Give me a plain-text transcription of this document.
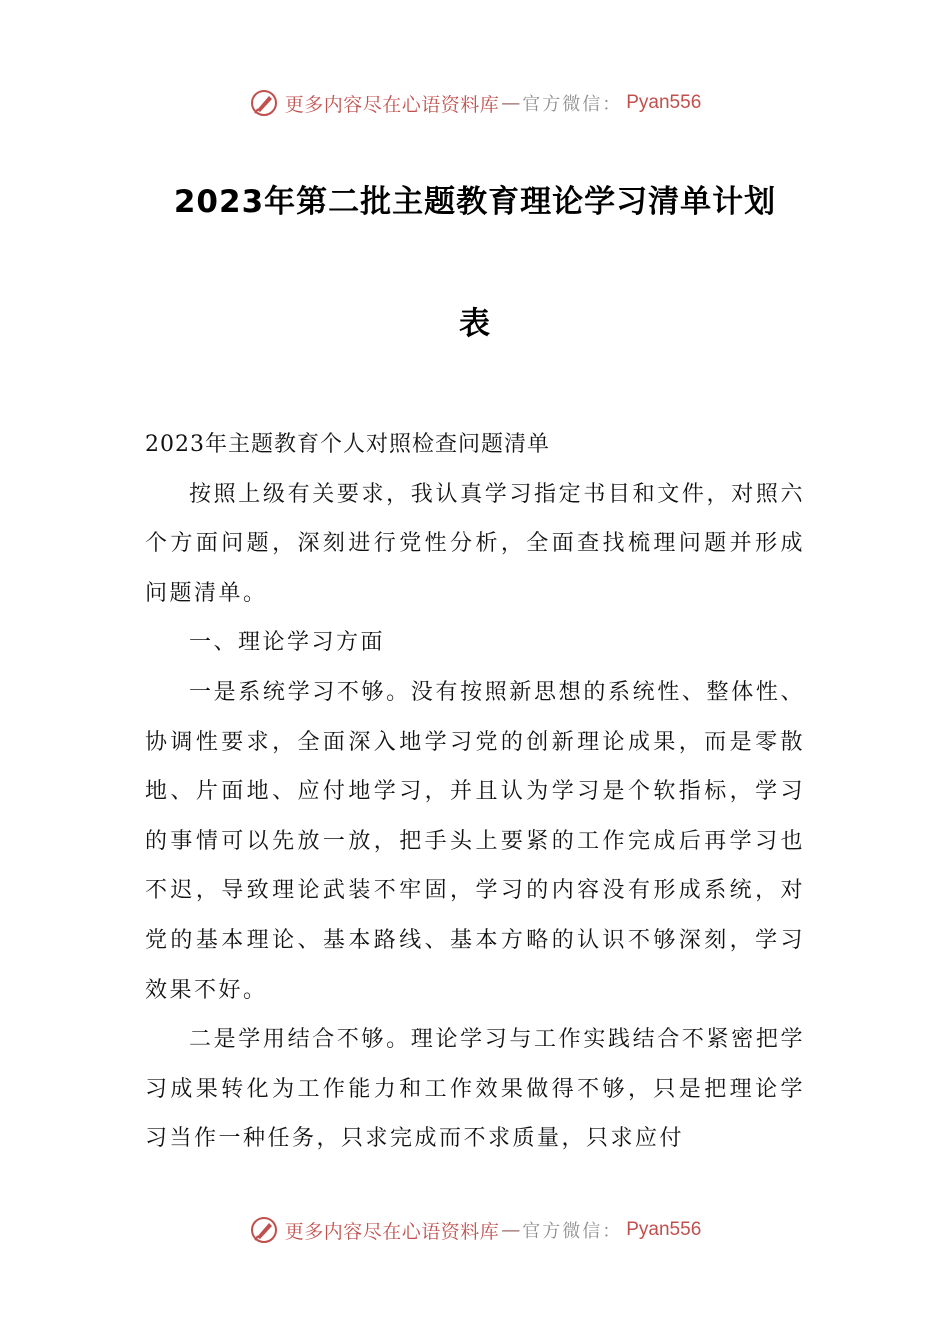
更多内容尽在心语资料库 — 官方微信： Pyan556
2023年第二批主题教育理论学习清单计划
表

2023年主题教育个人对照检查问题清单

按照上级有关要求，我认真学习指定书目和文件，对照六个方面问题，深刻进行党性分析，全面查找梳理问题并形成问题清单。

一、理论学习方面

一是系统学习不够。没有按照新思想的系统性、整体性、协调性要求，全面深入地学习党的创新理论成果，而是零散地、片面地、应付地学习，并且认为学习是个软指标，学习的事情可以先放一放，把手头上要紧的工作完成后再学习也不迟，导致理论武装不牢固，学习的内容没有形成系统，对党的基本理论、基本路线、基本方略的认识不够深刻，学习效果不好。

二是学用结合不够。理论学习与工作实践结合不紧密把学习成果转化为工作能力和工作效果做得不够，只是把理论学习当作一种任务，只求完成而不求质量，只求应付

更多内容尽在心语资料库 — 官方微信： Pyan556
